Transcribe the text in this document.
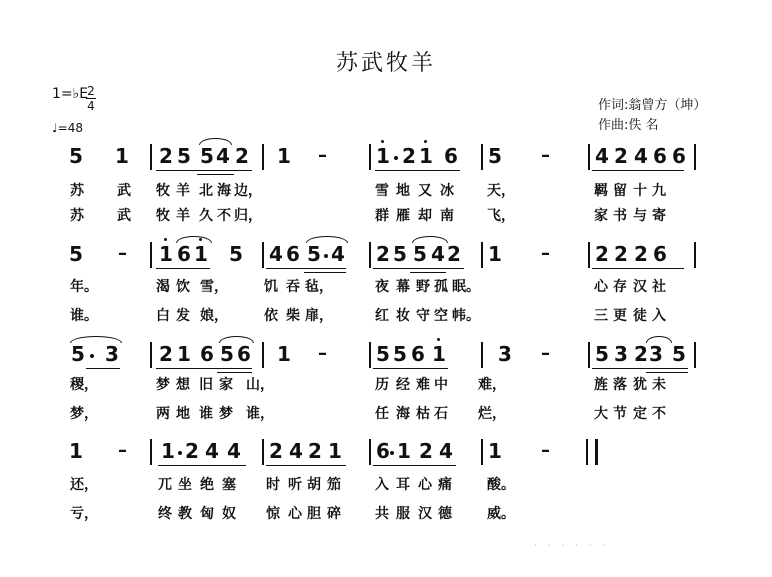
苏武牧羊
1=♭E 2
4
♩=48
作词:翁曾方（坤）
作曲:佚 名
5 1 2 5 5 4 2 1 – 1 2 1 6 5 – 4 2 4 6 6
5 – 1 6 1 5 4 6 5 4 2 5 5 4 2 1 – 2 2 2 6
5 3 2 1 6 5 6 1 – 5 5 6 1	3 – 5 3 2 3 5
1 – 1 2 4 4 2 4 2 1 6 1 2 4 1 –
苏 武 牧 羊 北 海 边，	雪 地 又 冰 天，	羁 留 十 九
苏 武 牧 羊 久 不 归，	群 雁 却 南 飞，	家 书 与 寄
年。	渴 饮 雪，	饥 吞 毡，	夜 幕 野 孤 眠。	心 存 汉 社
谁。	白 发 娘，	依 柴 扉，	红 妆 守 空 帏。	三 更 徒 入
稷，	梦 想 旧 家 山，	历 经 难 中 难，	旌 落 犹 未
梦，	两 地 谁 梦 谁，	任 海 枯 石 烂，	大 节 定 不
还，	兀 坐 绝 塞 时 听 胡 笳 入 耳 心 痛	酸。
亏，	终 教 匈 奴 惊 心 胆 碎 共 服 汉 德	威。
· · · · · ·
